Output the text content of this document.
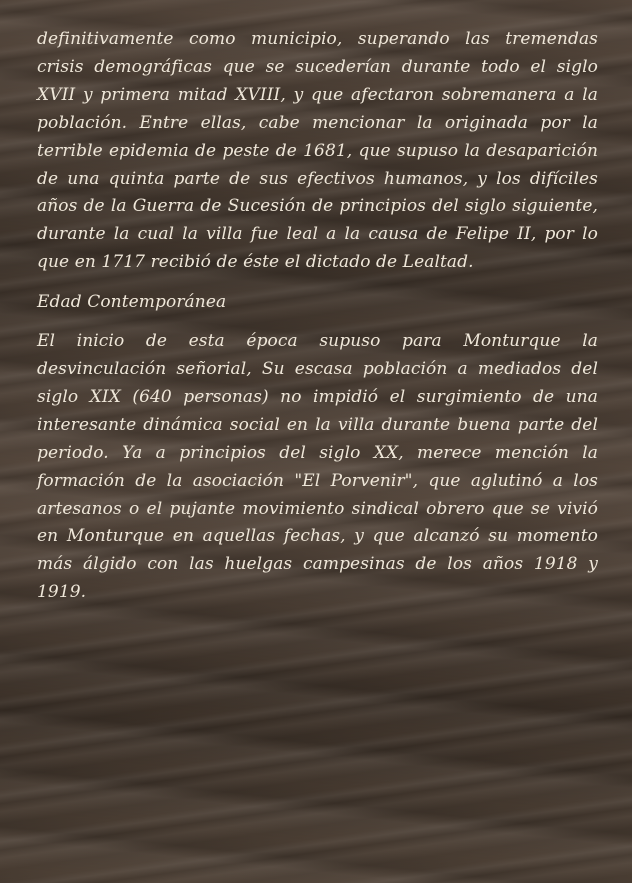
definitivamente como municipio, superando las tremendas crisis demográficas que se sucederían durante todo el siglo XVII y primera mitad XVIII, y que afectaron sobremanera a la población. Entre ellas, cabe mencionar la originada por la terrible epidemia de peste de 1681, que supuso la desaparición de una quinta parte de sus efectivos humanos, y los difíciles años de la Guerra de Sucesión de principios del siglo siguiente, durante la cual la villa fue leal a la causa de Felipe II, por lo que en 1717 recibió de éste el dictado de Lealtad.

Edad Contemporánea

El inicio de esta época supuso para Monturque la desvinculación señorial, Su escasa población a mediados del siglo XIX (640 personas) no impidió el surgimiento de una interesante dinámica social en la villa durante buena parte del periodo. Ya a principios del siglo XX, merece mención la formación de la asociación "El Porvenir", que aglutinó a los artesanos o el pujante movimiento sindical obrero que se vivió en Monturque en aquellas fechas, y que alcanzó su momento más álgido con las huelgas campesinas de los años 1918 y 1919.
